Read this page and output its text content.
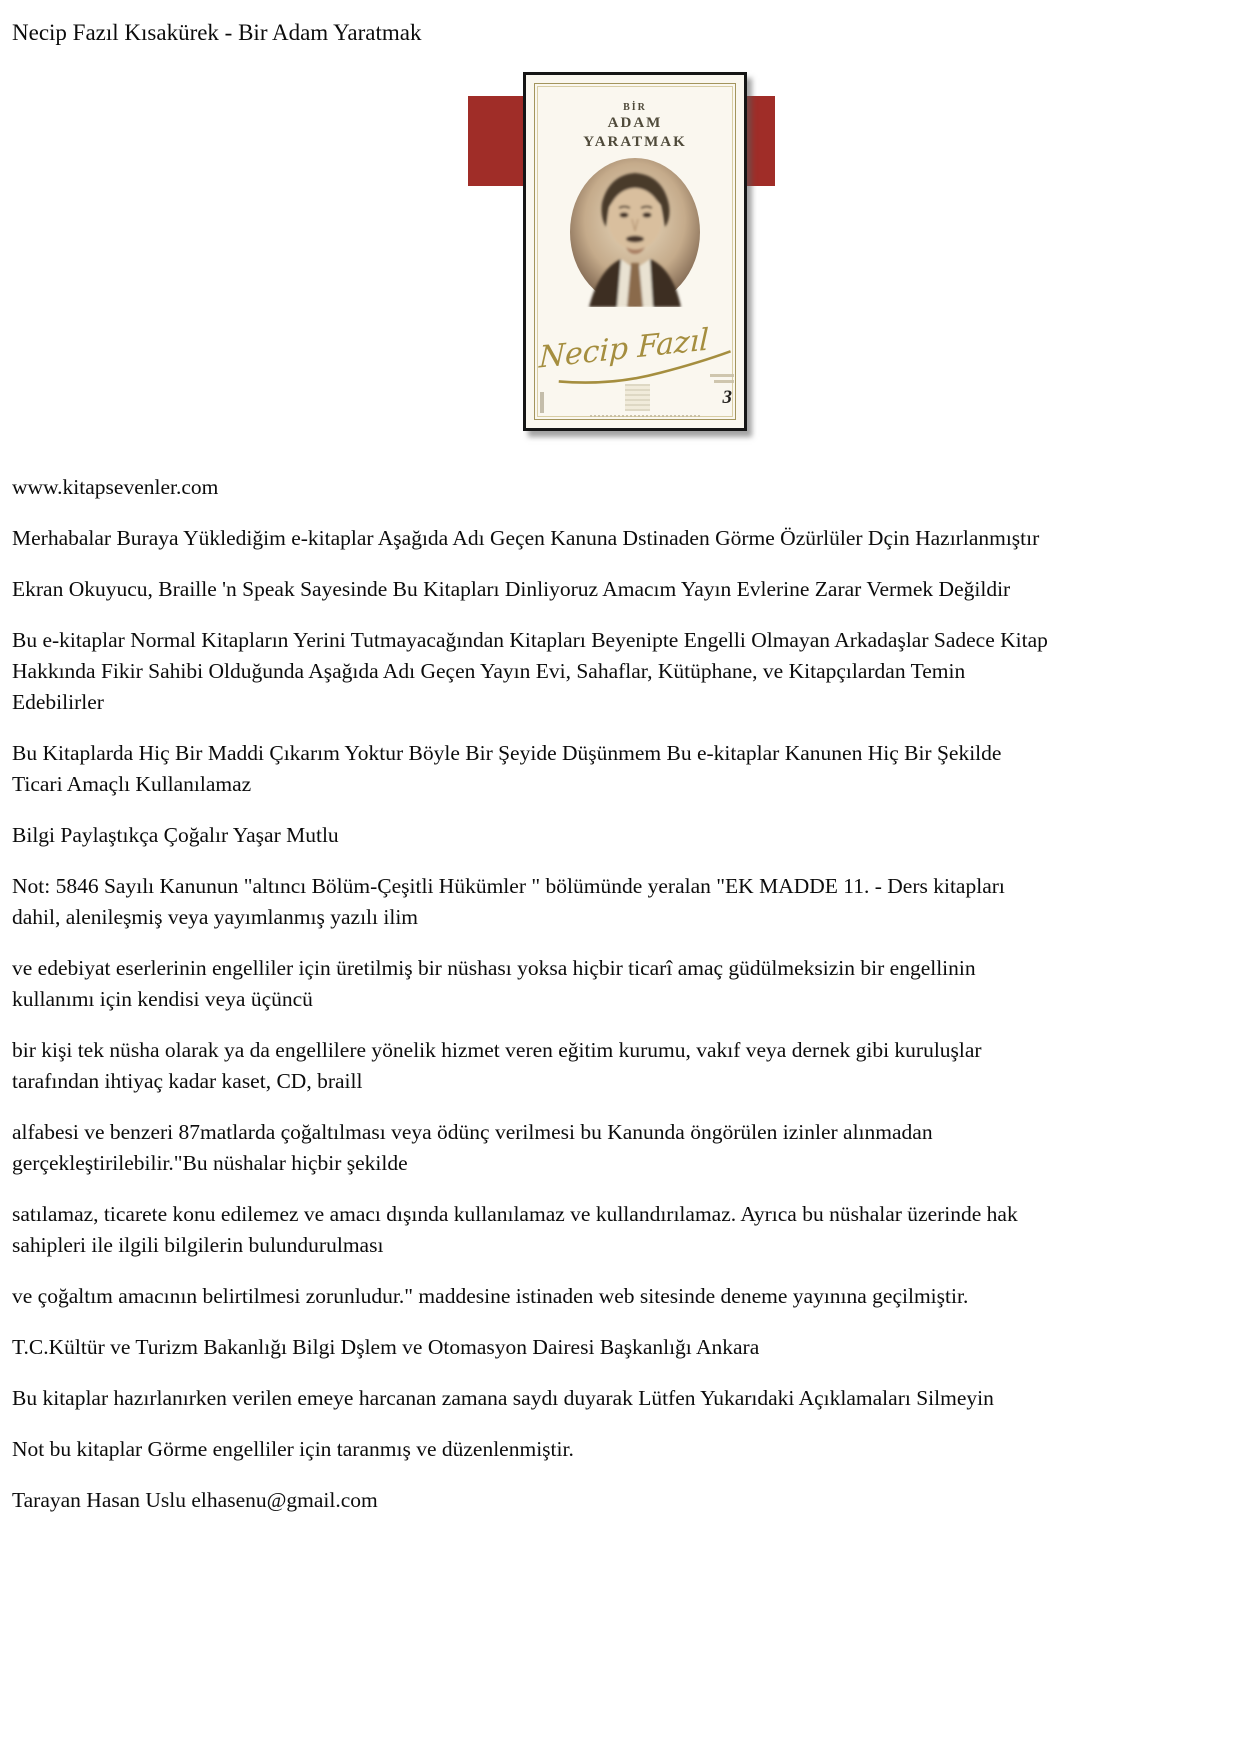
Necip Fazıl Kısakürek - Bir Adam Yaratmak
BİR
ADAM
YARATMAK
Necip Fazıl
3

www.kitapsevenler.com

Merhabalar Buraya Yüklediğim e-kitaplar Aşağıda Adı Geçen Kanuna Dstinaden Görme Özürlüler Dçin Hazırlanmıştır

Ekran Okuyucu, Braille 'n Speak Sayesinde Bu Kitapları Dinliyoruz Amacım Yayın Evlerine Zarar Vermek Değildir

Bu e-kitaplar Normal Kitapların Yerini Tutmayacağından Kitapları Beyenipte Engelli Olmayan Arkadaşlar Sadece Kitap
Hakkında Fikir Sahibi Olduğunda Aşağıda Adı Geçen Yayın Evi, Sahaflar, Kütüphane, ve Kitapçılardan Temin
Edebilirler

Bu Kitaplarda Hiç Bir Maddi Çıkarım Yoktur Böyle Bir Şeyide Düşünmem Bu e-kitaplar Kanunen Hiç Bir Şekilde
Ticari Amaçlı Kullanılamaz

Bilgi Paylaştıkça Çoğalır Yaşar Mutlu

Not: 5846 Sayılı Kanunun "altıncı Bölüm-Çeşitli Hükümler " bölümünde yeralan "EK MADDE 11. - Ders kitapları
dahil, alenileşmiş veya yayımlanmış yazılı ilim

ve edebiyat eserlerinin engelliler için üretilmiş bir nüshası yoksa hiçbir ticarî amaç güdülmeksizin bir engellinin
kullanımı için kendisi veya üçüncü

bir kişi tek nüsha olarak ya da engellilere yönelik hizmet veren eğitim kurumu, vakıf veya dernek gibi kuruluşlar
tarafından ihtiyaç kadar kaset, CD, braill

alfabesi ve benzeri 87matlarda çoğaltılması veya ödünç verilmesi bu Kanunda öngörülen izinler alınmadan
gerçekleştirilebilir."Bu nüshalar hiçbir şekilde

satılamaz, ticarete konu edilemez ve amacı dışında kullanılamaz ve kullandırılamaz. Ayrıca bu nüshalar üzerinde hak
sahipleri ile ilgili bilgilerin bulundurulması

ve çoğaltım amacının belirtilmesi zorunludur." maddesine istinaden web sitesinde deneme yayınına geçilmiştir.

T.C.Kültür ve Turizm Bakanlığı Bilgi Dşlem ve Otomasyon Dairesi Başkanlığı Ankara

Bu kitaplar hazırlanırken verilen emeye harcanan zamana saydı duyarak Lütfen Yukarıdaki Açıklamaları Silmeyin

Not bu kitaplar Görme engelliler için taranmış ve düzenlenmiştir.

Tarayan Hasan Uslu elhasenu@gmail.com
